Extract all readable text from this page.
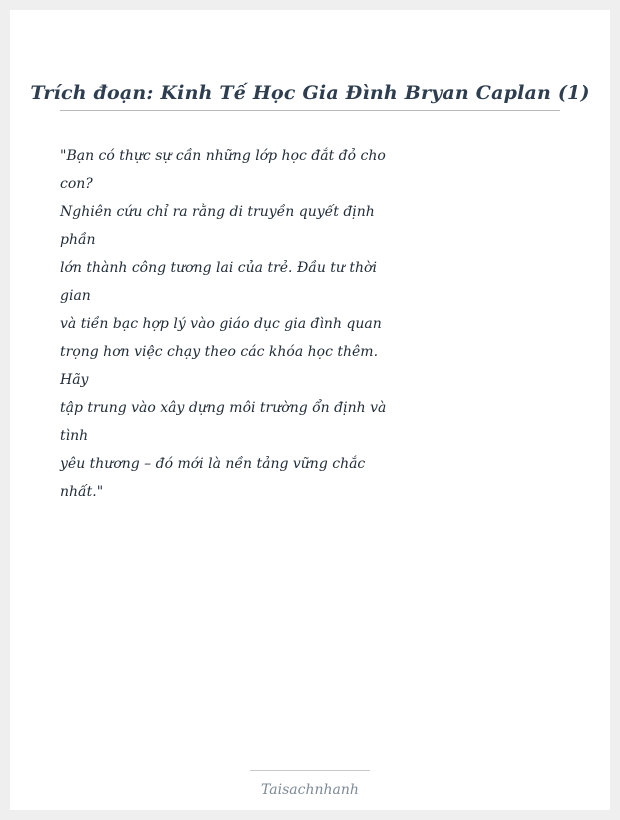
Trích đoạn: Kinh Tế Học Gia Đình Bryan Caplan (1)
"Bạn có thực sự cần những lớp học đắt đỏ cho
con?
Nghiên cứu chỉ ra rằng di truyền quyết định
phần
lớn thành công tương lai của trẻ. Đầu tư thời
gian
và tiền bạc hợp lý vào giáo dục gia đình quan
trọng hơn việc chạy theo các khóa học thêm.
Hãy
tập trung vào xây dựng môi trường ổn định và
tình
yêu thương – đó mới là nền tảng vững chắc
nhất."
Taisachnhanh
